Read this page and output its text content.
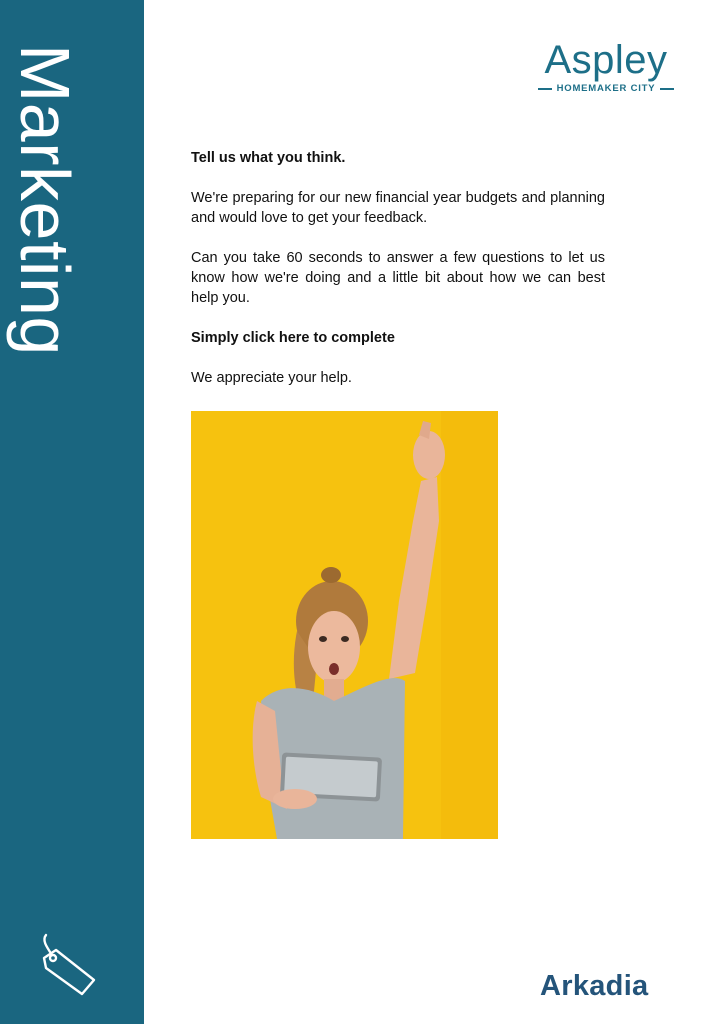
Marketing	Aspley
HOMEMAKER CITY

Tell us what you think.

We're preparing for our new financial year budgets and planning and would love to get your feedback.

Can you take 60 seconds to answer a few questions to let us know how we're doing and a little bit about how we can best help you.

Simply click here to complete

We appreciate your help.

Arkadia
